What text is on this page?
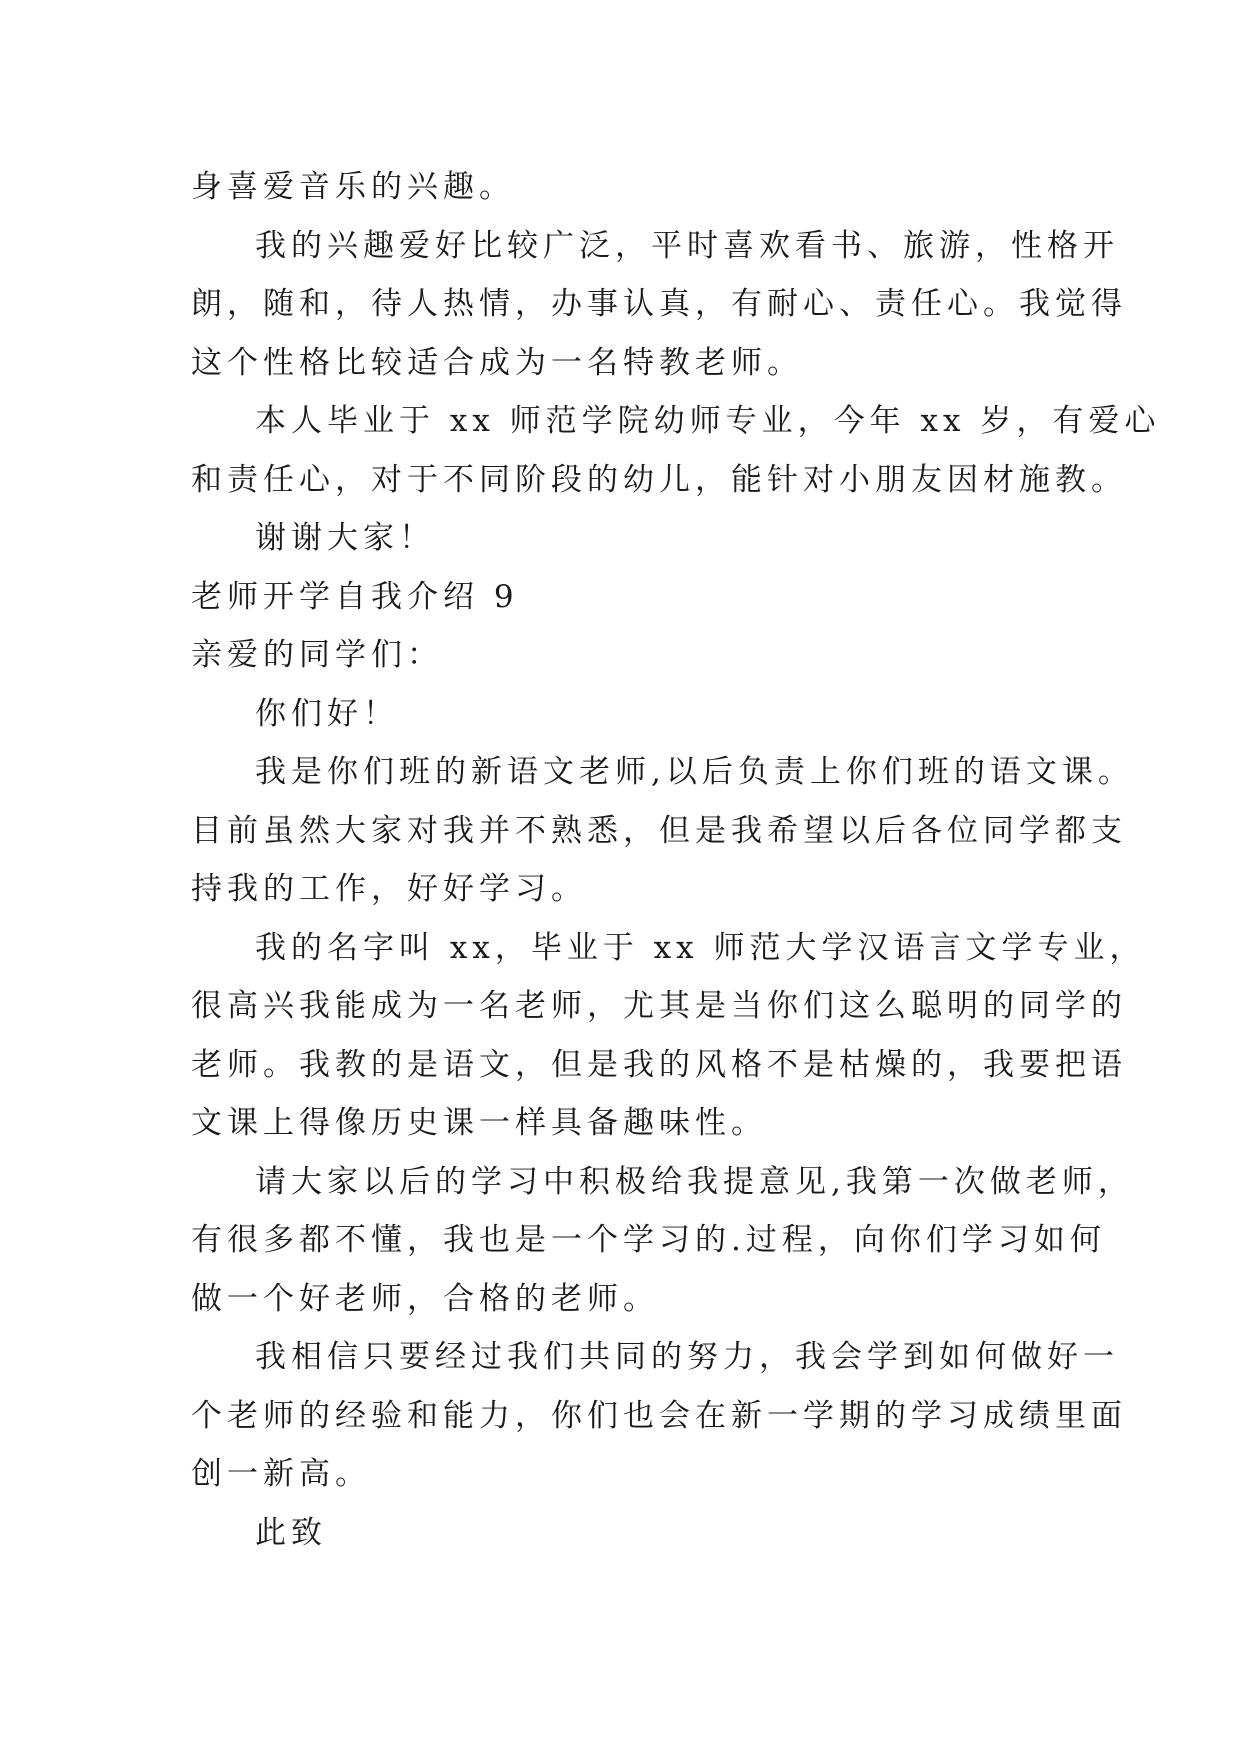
身喜爱音乐的兴趣。
我的兴趣爱好比较广泛，平时喜欢看书、旅游，性格开
朗，随和，待人热情，办事认真，有耐心、责任心。我觉得
这个性格比较适合成为一名特教老师。
本人毕业于 xx 师范学院幼师专业，今年 xx 岁，有爱心
和责任心，对于不同阶段的幼儿，能针对小朋友因材施教。
谢谢大家！
老师开学自我介绍 9
亲爱的同学们：
你们好！
我是你们班的新语文老师,以后负责上你们班的语文课。
目前虽然大家对我并不熟悉，但是我希望以后各位同学都支
持我的工作，好好学习。
我的名字叫 xx，毕业于 xx 师范大学汉语言文学专业，
很高兴我能成为一名老师，尤其是当你们这么聪明的同学的
老师。我教的是语文，但是我的风格不是枯燥的，我要把语
文课上得像历史课一样具备趣味性。
请大家以后的学习中积极给我提意见,我第一次做老师，
有很多都不懂，我也是一个学习的.过程，向你们学习如何
做一个好老师，合格的老师。
我相信只要经过我们共同的努力，我会学到如何做好一
个老师的经验和能力，你们也会在新一学期的学习成绩里面
创一新高。
此致
